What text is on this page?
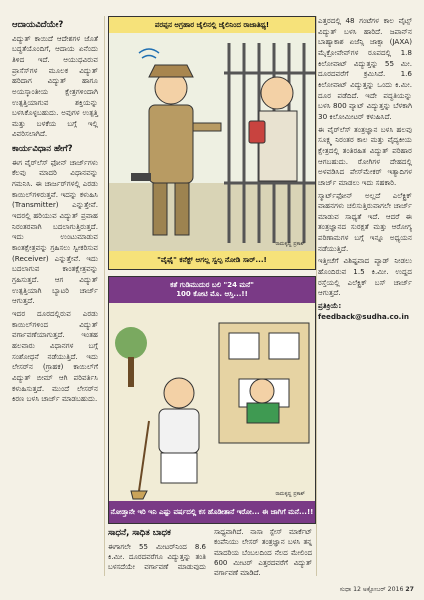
ಆದಾಯವಿದೆಯೇ?

ವಿದ್ಯುತ್ ಕಾಯಿದೆ ಆದೇಶಗಳ ಜೊತೆ ಬದ್ಧತೆಯೊಂದಿಗೆ, ಆದಾಯ ಏನೆಂದು ತಿಳಿದ ಇದೆ. ಆಯುಧವಿರುವ ಪ್ರಾಸೆಸ್‌ಗಳ ಮೂಲಕ ವಿದ್ಯುತ್ ಹರಿದಾಗ ವಿದ್ಯುತ್ ಹಾಗೂ ಅಯಸ್ಕಾಂತೀಯ ಕ್ಷೇತ್ರಗಳಿಂದಾಗಿ ಉತ್ಪತ್ತಿಯಾಗುವ ಶಕ್ತಿಯನ್ನು ಬಳಸಿಕೊಳ್ಳಬಹುದು. ಅವುಗಳ ಉತ್ಪತ್ತಿ ಮತ್ತು ಬಳಕೆಯ ಬಗ್ಗೆ ಇಲ್ಲಿ ವಿವರಿಸಲಾಗಿದೆ.

ಕಾರ್ಯವಿಧಾನ ಹೇಗೆ?

ಈಗ ವೈರ್‌ಲೆಸ್ ಫೋನ್ ಚಾರ್ಜ್‌ಗಳು ಕೆಲವು ಮಾದರಿ ವಿಧಾನವನ್ನು ಗಮನಿಸಿ. ಈ ಚಾರ್ಜರ್‌ಗಳಲ್ಲಿ ಎರಡು ಕಾಯಿಲ್‌ಗಳಿರುತ್ತವೆ. ಇದನ್ನು ಕಳುಹಿಸಿ (Transmitter) ಎನ್ನುತ್ತೇವೆ. ಇದರಲ್ಲಿ ಹರಿಯುವ ವಿದ್ಯುತ್ ಪ್ರವಾಹ ನಿರಂತರವಾಗಿ ಬದಲಾಗುತ್ತಿರುತ್ತದೆ. ಇದು ಉಂಟುಮಾಡುವ ಕಾಂತಕ್ಷೇತ್ರವನ್ನು ಗ್ರಹಿಸಲು ಸ್ವೀಕರಿಸುವ (Receiver) ಎನ್ನುತ್ತೇವೆ. ಇದು ಬದಲಾಗುವ ಕಾಂತಕ್ಷೇತ್ರವನ್ನು ಗ್ರಹಿಸುತ್ತದೆ. ಆಗ ವಿದ್ಯುತ್ ಉತ್ಪತ್ತಿಯಾಗಿ ಬ್ಯಾಟರಿ ಚಾರ್ಜ್ ಆಗುತ್ತದೆ.

ಇದರ ದೂರದಲ್ಲಿರುವ ಎರಡು ಕಾಯಿಲ್‌ಗಳಿಂದ ವಿದ್ಯುತ್ ವರ್ಗಾವಣೆಯಾಗುತ್ತದೆ. ಇಂತಹ ಹಲವಾರು ವಿಧಾನಗಳ ಬಗ್ಗೆ ಸಂಶೋಧನೆ ನಡೆಯುತ್ತಿದೆ. ಇದು ಲೇಸರ್‌ನ (ಗ್ರಾಹಕ) ಕಾಯಿಲ್‌ಗೆ ವಿದ್ಯುತ್ ಬೀಮ್ ಆಗಿ ಪರಿವರ್ತಿಸಿ ಕಳುಹಿಸುತ್ತದೆ. ಮುಂದೆ ಲೇಸರ್‌ನ ಕಿರಣ ಬಳಸಿ ಚಾರ್ಜ್ ಮಾಡಬಹುದು.

ಪರಪ್ಪನ ಅಗ್ರಹಾರ ಜೈಲಿನಲ್ಲಿ ಜೈಲಿನಿಂದ ರಾಜಾತಿಥ್ಯ!
ರಾಮಕೃಷ್ಣ ಪ್ರಕಾಶ್
"ವೈಫೈ" ಕನೆಕ್ಟ್ ಆಗಲ್ಲ ಸ್ವಲ್ಪ ನೋಡಿ ಸಾರ್...!
ಕತೆ ಗುಡಿಮುದುರ ಬಲಿ "24 ಮನೆ"
100 ಕೋಟಿ ಮೊ. ಆಸ್ತಿ...!!
ರಾಮಕೃಷ್ಣ ಪ್ರಕಾಶ್
ನೋಡ್ತಾನೇ ಇರಿ ಇನಿ ಎಷ್ಟು ವರ್ಷದಲ್ಲಿ ಕಸ ಹೊಡೀತಾನೆ ಇರೋ... ಈ ಜಾಗಿಗೆ ಮನೆ...!!
ಸಾಧನೆ, ಸಾಧಿತ ಬಾಧಕ

ಈಗಾಗಲೇ 55 ಮೀಟರ್‌ನಿಂದ 8.6 ಕಿ.ಮೀ. ದೂರದವರೆಗೂ ವಿದ್ಯುತ್ತನ್ನು ತಂತಿ ಬಳಸದೆಯೇ ವರ್ಗಾವಣೆ ಮಾಡುವುದು ಸಾಧ್ಯವಾಗಿದೆ. ನಾಸಾ ಸ್ಪೇಸ್ ಮಾರ್ಕೆಟ್ ಕಂಪೆನಿಯು ಲೇಸರ್ ತಂತ್ರಜ್ಞಾನ ಬಳಸಿ ತನ್ನ ಮಾದರಿಯ ಬೆಂಬಲದಿಂದ ನೆಲದ ಮೇಲಿಂದ 600 ಮೀಟರ್ ಎತ್ತರದವರೆಗೆ ವಿದ್ಯುತ್ ವರ್ಗಾವಣೆ ಮಾಡಿದೆ.

ಎತ್ತರದಲ್ಲಿ 48 ಗಂಟೆಗಳ ಕಾಲ ವೈಟ್ಸ್ ವಿದ್ಯುತ್ ಬಳಸಿ ಹಾರಿದೆ. ಜಪಾನ್‌ನ ಬಾಹ್ಯಾಕಾಶ ಏಜೆನ್ಸಿ ಜಾಕ್ಸಾ (JAXA) ಮೈಕ್ರೋವೇವ್‌ಗಳ ರೂಪದಲ್ಲಿ 1.8 ಕಿಲೋವಾಟ್ ವಿದ್ಯುತ್ತನ್ನು 55 ಮೀ. ದೂರದವರೆಗೆ ಕ್ರಮಿಸಿದೆ. 1.6 ಕಿಲೋವಾಟ್ ವಿದ್ಯುತ್ತನ್ನು ಒಂದು ಕಿ.ಮೀ. ದೂರ ಪಡೆದಿದೆ. ಇದೇ ಪದ್ಧತಿಯನ್ನು ಬಳಸಿ 800 ವ್ಯಾಟ್ ವಿದ್ಯುತ್ತನ್ನು ಬೆಳಕಾಗಿ 30 ಕಿಲೋಮೀಟರ್ ಕಳುಹಿಸಿದೆ.

ಈ ವೈರ್‌ಲೆಸ್ ತಂತ್ರಜ್ಞಾನ ಬಳಸಿ ಹಲವು ಸೂಕ್ಷ್ಮ ನಿರಂತರ ಕಾಲ ಮತ್ತು ವೈದ್ಯಕೀಯ ಕ್ಷೇತ್ರದಲ್ಲಿ ತಂತಿರಹಿತ ವಿದ್ಯುತ್ ಪರಿಹಾರ ಆಗಬಹುದು. ರೋಗಿಗಳ ದೇಹದಲ್ಲಿ ಅಳವಡಿಸಿದ ಪೇಸ್‌ಮೇಕರ್ ಇತ್ಯಾದಿಗಳ ಚಾರ್ಜ್ ಮಾಡಲು ಇದು ಸಹಕಾರಿ.

ಸ್ಮಾರ್ಟ್‌ಫೋನ್ ಅಲ್ಲದೆ ಎಲೆಕ್ಟ್ರಿಕ್ ವಾಹನಗಳು ಚಲಿಸುತ್ತಿರುವಾಗಲೇ ಚಾರ್ಜ್ ಮಾಡುವ ಸಾಧ್ಯತೆ ಇದೆ. ಆದರೆ ಈ ತಂತ್ರಜ್ಞಾನದ ಸುರಕ್ಷತೆ ಮತ್ತು ಆರೋಗ್ಯ ಪರಿಣಾಮಗಳ ಬಗ್ಗೆ ಇನ್ನೂ ಅಧ್ಯಯನ ನಡೆಯುತ್ತಿದೆ.

ಇತ್ತೀಚೆಗೆ ವಿಶಿಷ್ಟವಾದ ಪ್ಯಾಡ್ ನೀಡಲು ಹೊಂದಿರುವ 1.5 ಕಿ.ಮೀ. ಉದ್ದದ ರಸ್ತೆಯಲ್ಲಿ ಎಲೆಕ್ಟ್ರಿಕ್ ಬಸ್ ಚಾರ್ಜ್ ಆಗುತ್ತದೆ.

ಪ್ರತಿಕ್ರಿಯೆ: feedback@sudha.co.in

ಸುಧಾ 12 ಅಕ್ಟೋಬರ್ 2016 27
